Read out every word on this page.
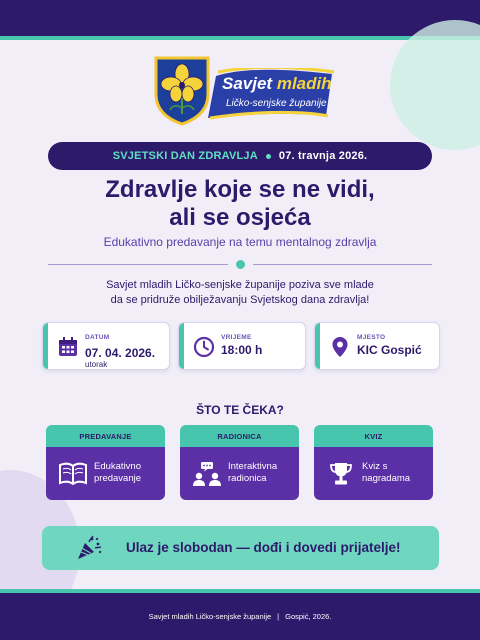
Savjet mladih
Ličko-senjske županije
SVJETSKI DAN ZDRAVLJA 07. travnja 2026.
Zdravlje koje se ne vidi,
ali se osjeća
Edukativno predavanje na temu mentalnog zdravlja
Savjet mladih Ličko-senjske županije poziva sve mlade
da se pridruže obilježavanju Svjetskog dana zdravlja!
DATUM
07. 04. 2026.
utorak
VRIJEME
18:00 h
MJESTO
KIC Gospić
ŠTO TE ČEKA?
PREDAVANJE
Edukativno
predavanje
RADIONICA
Interaktivna
radionica
KVIZ
Kviz s
nagradama
Ulaz je slobodan — dođi i dovedi prijatelje!
Savjet mladih Ličko-senjske županije | Gospić, 2026.
